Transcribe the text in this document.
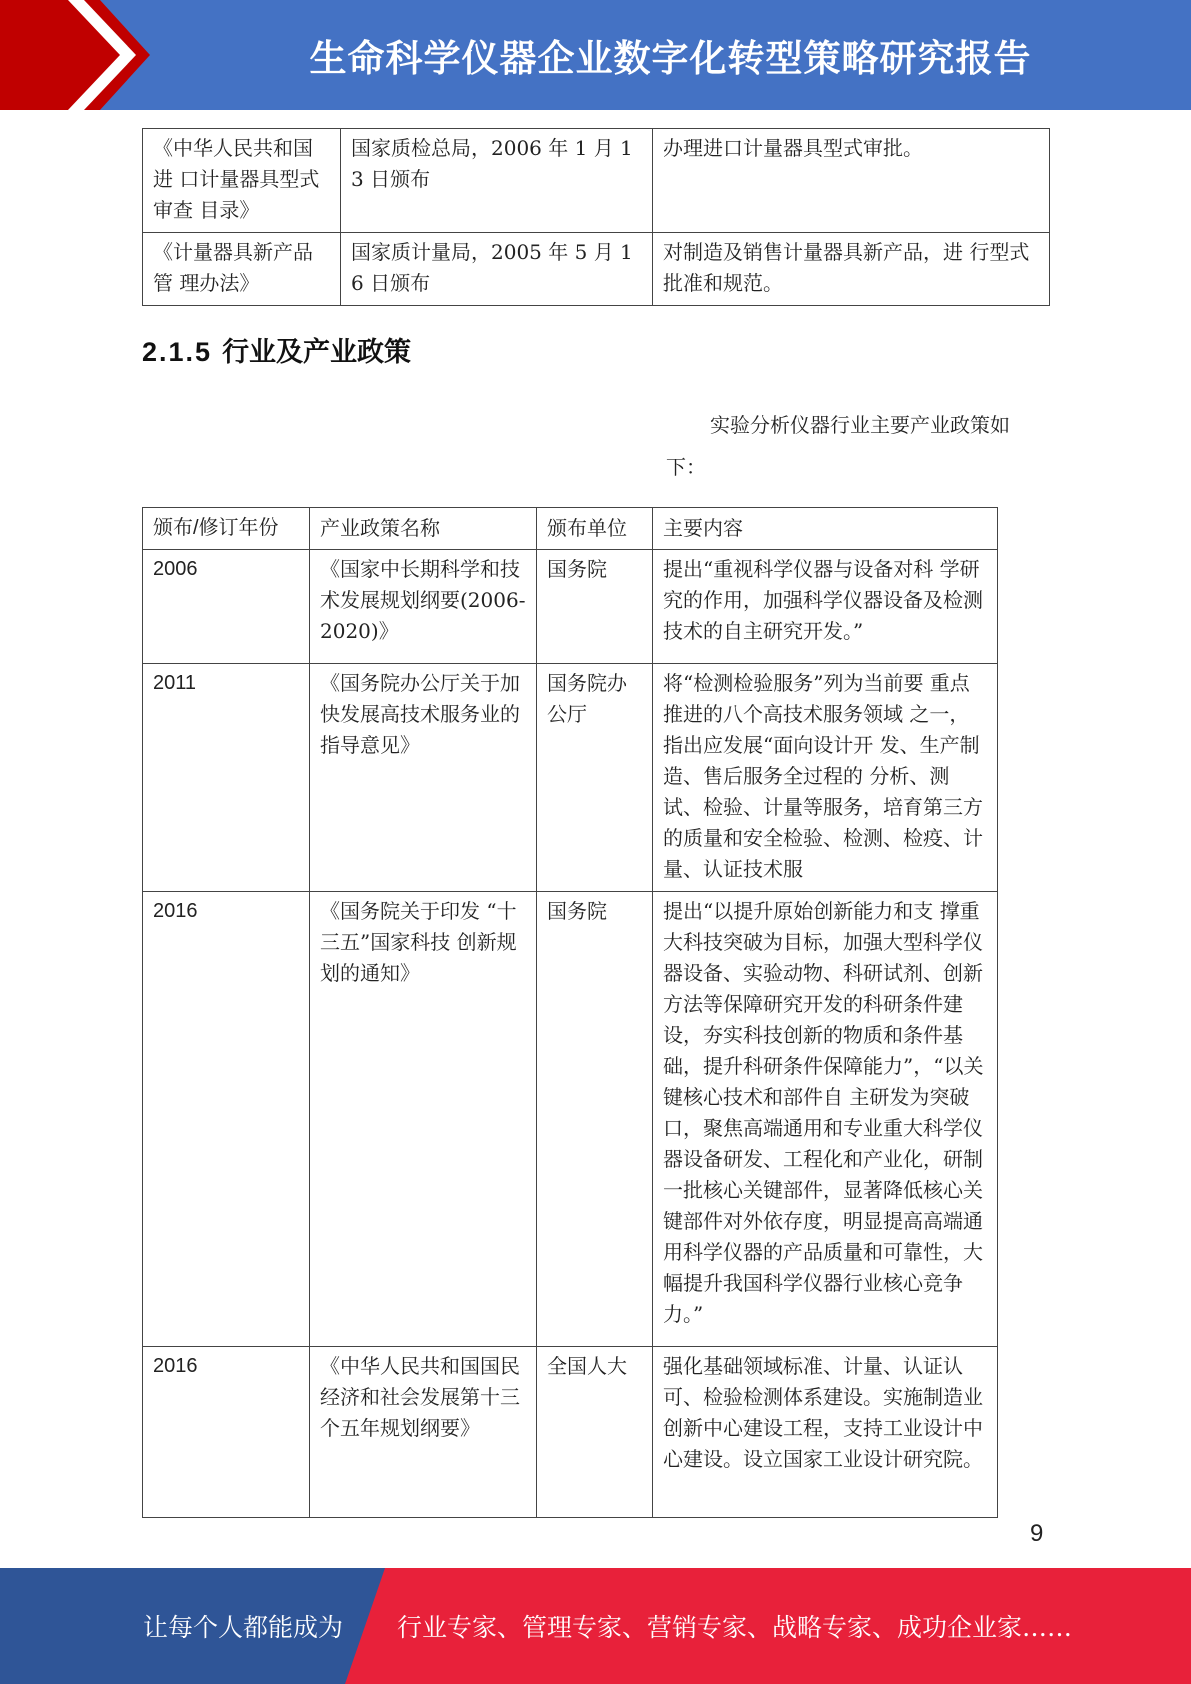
生命科学仪器企业数字化转型策略研究报告
《中华人民共和国进 口计量器具型式审查 目录》	国家质检总局，2006 年 1 月 13 日颁布	办理进口计量器具型式审批。
《计量器具新产品管 理办法》	国家质计量局，2005 年 5 月 16 日颁布	对制造及销售计量器具新产品，进 行型式批准和规范。
2.1.5 行业及产业政策
实验分析仪器行业主要产业政策如
下：
颁布/修订年份	产业政策名称	颁布单位	主要内容
2006	《国家中长期科学和技术发展规划纲要(2006-2020)》	国务院	提出“重视科学仪器与设备对科 学研究的作用，加强科学仪器设备及检测技术的自主研究开发。”
2011	《国务院办公厅关于加快发展高技术服务业的指导意见》	国务院办公厅	将“检测检验服务”列为当前要 重点推进的八个高技术服务领域 之一，指出应发展“面向设计开 发、生产制造、售后服务全过程的 分析、测试、检验、计量等服务，培育第三方的质量和安全检验、检测、检疫、计量、认证技术服
2016	《国务院关于印发 “十三五”国家科技 创新规划的通知》	国务院	提出“以提升原始创新能力和支 撑重大科技突破为目标，加强大型科学仪器设备、实验动物、科研试剂、创新方法等保障研究开发的科研条件建设，夯实科技创新的物质和条件基础，提升科研条件保障能力”，“以关键核心技术和部件自 主研发为突破口，聚焦高端通用和专业重大科学仪器设备研发、工程化和产业化，研制一批核心关键部件，显著降低核心关键部件对外依存度，明显提高高端通用科学仪器的产品质量和可靠性，大幅提升我国科学仪器行业核心竞争力。”
2016	《中华人民共和国国民经济和社会发展第十三个五年规划纲要》	全国人大	强化基础领域标准、计量、认证认可、检验检测体系建设。实施制造业创新中心建设工程，支持工业设计中心建设。设立国家工业设计研究院。
9
让每个人都能成为 行业专家、管理专家、营销专家、战略专家、成功企业家……
